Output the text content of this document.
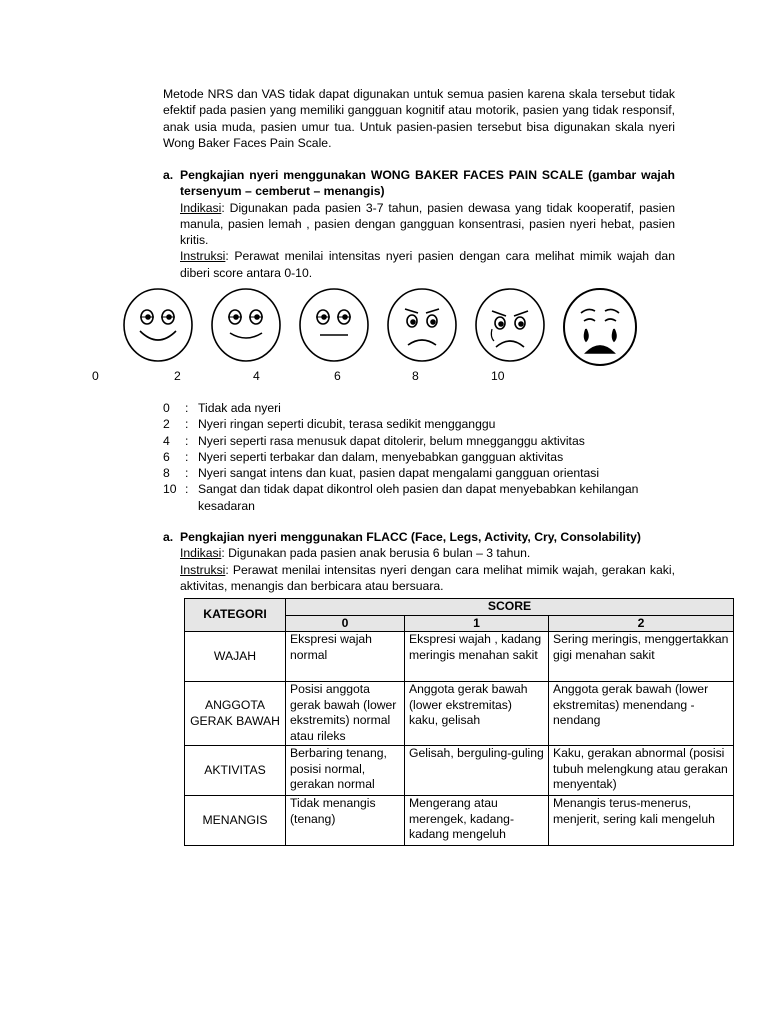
Metode NRS dan VAS tidak dapat digunakan untuk semua pasien karena skala tersebut tidak efektif pada pasien yang memiliki gangguan kognitif atau motorik, pasien yang tidak responsif, anak usia muda, pasien umur tua. Untuk pasien-pasien tersebut bisa digunakan skala nyeri Wong Baker Faces Pain Scale.

a. Pengkajian nyeri menggunakan WONG BAKER FACES PAIN SCALE (gambar wajah tersenyum – cemberut – menangis)
Indikasi: Digunakan pada pasien 3-7 tahun, pasien dewasa yang tidak kooperatif, pasien manula, pasien lemah , pasien dengan gangguan konsentrasi, pasien nyeri hebat, pasien kritis.
Instruksi: Perawat menilai intensitas nyeri pasien dengan cara melihat mimik wajah dan diberi score antara 0-10.
0	2	4	6	8	10
0	: Tidak ada nyeri
2	: Nyeri ringan seperti dicubit, terasa sedikit mengganggu
4	: Nyeri seperti rasa menusuk dapat ditolerir, belum mnegganggu aktivitas
6	: Nyeri seperti terbakar dan dalam, menyebabkan gangguan aktivitas
8	: Nyeri sangat intens dan kuat, pasien dapat mengalami gangguan orientasi
10 : Sangat dan tidak dapat dikontrol oleh pasien dan dapat menyebabkan kehilangan kesadaran
a. Pengkajian nyeri menggunakan FLACC (Face, Legs, Activity, Cry, Consolability)
Indikasi: Digunakan pada pasien anak berusia 6 bulan – 3 tahun.
Instruksi: Perawat menilai intensitas nyeri dengan cara melihat mimik wajah, gerakan kaki, aktivitas, menangis dan berbicara atau bersuara.
KATEGORI	SCORE		
	0	1	2
WAJAH	Ekspresi wajah normal	Ekspresi wajah , kadang meringis menahan sakit	Sering meringis, menggertakkan gigi menahan sakit
ANGGOTA GERAK BAWAH	Posisi anggota gerak bawah (lower ekstremits) normal atau rileks	Anggota gerak bawah (lower ekstremitas) kaku, gelisah	Anggota gerak bawah (lower ekstremitas) menendang - nendang
AKTIVITAS	Berbaring tenang, posisi normal, gerakan normal	Gelisah, berguling-guling	Kaku, gerakan abnormal (posisi tubuh melengkung atau gerakan menyentak)
MENANGIS	Tidak menangis (tenang)	Mengerang atau merengek, kadang-kadang mengeluh	Menangis terus-menerus, menjerit, sering kali mengeluh
